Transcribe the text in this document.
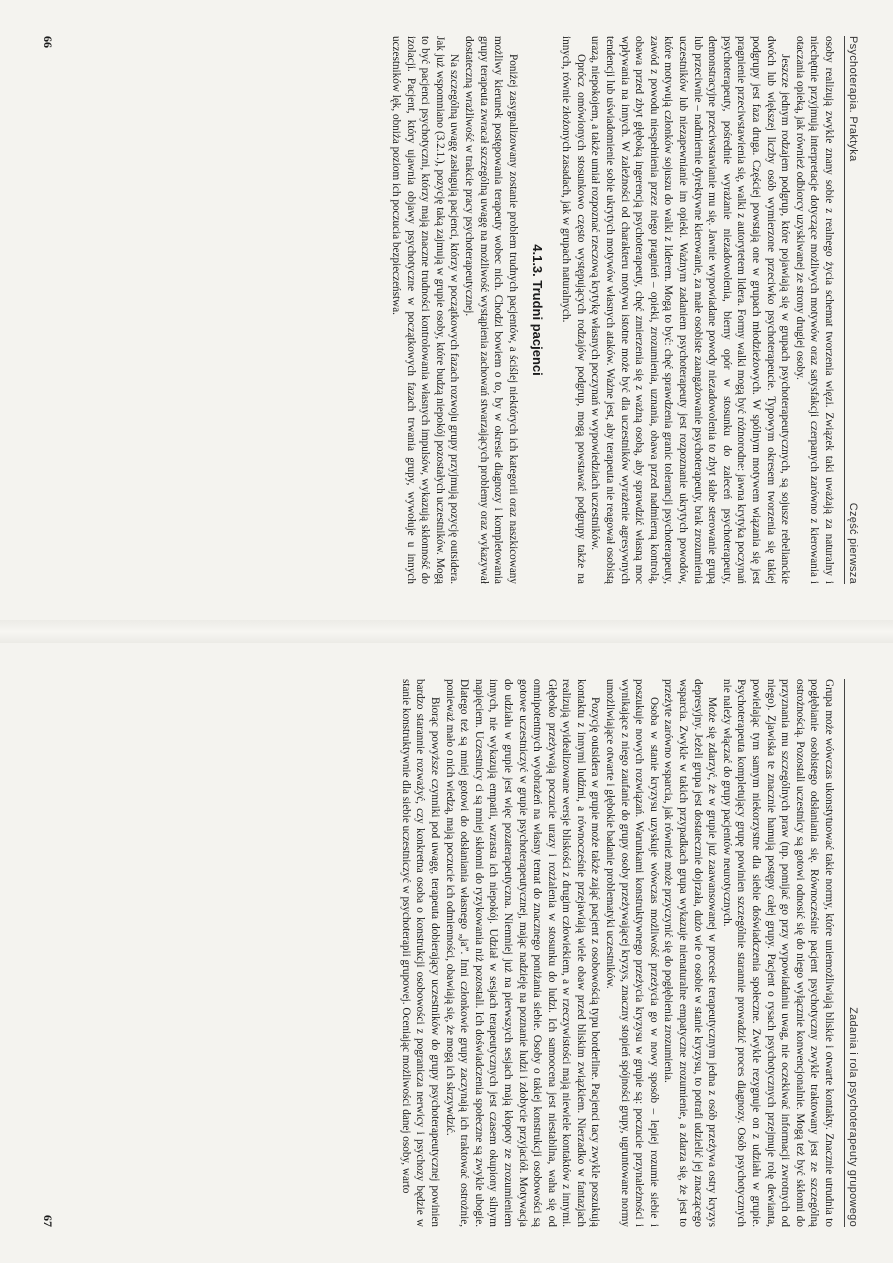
Psychoterapia. Praktyka
Część pierwsza

osoby realizują zwykle znany sobie z realnego życia schemat tworzenia więzi. Związek taki uważają za naturalny i niechętnie przyjmują interpretacje dotyczące możliwych motywów oraz satysfakcji czerpanych zarówno z kierowania i otaczania opieką, jak również odbiorcy uzyskiwanej ze strony drugiej osoby.

Jeszcze jednym rodzajem podgrup, które pojawiają się w grupach psychoterapeutycznych, są sojusze rebelianckie dwóch lub większej liczby osób wymierzone przeciwko psychoterapeucie. Typowym okresem tworzenia się takiej podgrupy jest faza druga. Częściej powstają one w grupach młodzieżowych. W spólnym motywem wiązania się jest pragnienie przeciwstawienia się, walki z autorytetem lidera. Formy walki mogą być różnorodne: jawna krytyka poczynań psychoterapeuty, pośrednie wyrażanie niezadowolenia, bierny opór w stosunku do zaleceń psychoterapeuty, demonstracyjne przeciwstawianie mu się. Jawnie wypowiadane powody niezadowolenia to zbyt słabe sterowanie grupą lub przeciwnie – nadmiernie dyrektywne kierowanie, za małe osobiste zaangażowanie psychoterapeuty, brak zrozumienia uczestników lub niezapewnianie im opieki. Ważnym zadaniem psychoterapeuty jest rozpoznanie ukrytych powodów, które motywują członków sojuszu do walki z liderem. Mogą to być: chęć sprawdzenia granic tolerancji psychoterapeuty, zawód z powodu niespełnienia przez niego pragnień – opieki, zrozumienia, uznania, obawa przed nadmierną kontrolą, obawa przed zbyt głęboką ingerencją psychoterapeuty, chęć zmierzenia się z ważną osobą, aby sprawdzić własną moc wpływania na innych. W zależności od charakteru motywu istotne może być dla uczestników wyrażenie agresywnych tendencji lub uświadomienie sobie ukrytych motywów własnych ataków. Ważne jest, aby terapeuta nie reagował osobistą urazą, niepokojem, a także umiał rozpoznać rzeczową krytykę własnych poczynań w wypowiedziach uczestników.

Oprócz omówionych stosunkowo często występujących rodzajów podgrup, mogą powstawać podgrupy także na innych, równie złożonych zasadach, jak w grupach naturalnych.

4.1.3. Trudni pacjenci

Poniżej zasygnalizowany zostanie problem trudnych pacjentów, a ściślej niektórych ich kategorii oraz naszkicowany możliwy kierunek postępowania terapeuty wobec nich. Chodzi bowiem o to, by w okresie diagnozy i kompletowania grupy terapeuta zwracał szczególną uwagę na możliwość wystąpienia zachowań stwarzających problemy oraz wykazywał dostateczną wrażliwość w trakcie pracy psychoterapeutycznej.

Na szczególną uwagę zasługują pacjenci, którzy w początkowych fazach rozwoju grupy przyjmują pozycję outsidera. Jak już wspomniano (3.2.1.), pozycję taką zajmują w grupie osoby, które budzą niepokój pozostałych uczestników. Mogą to być pacjenci psychotyczni, którzy mają znaczne trudności kontrolowania własnych impulsów, wykazują skłonność do izolacji. Pacjent, który ujawnia objawy psychotyczne w początkowych fazach trwania grupy, wywołuje u innych uczestników lęk, obniża poziom ich poczucia bezpieczeństwa.

66
Zadania i rola psychoterapeuty grupowego

Grupa może wówczas ukonstytuować takie normy, które uniemożliwiają bliskie i otwarte kontakty. Znacznie utrudnia to pogłębianie osobistego odsłaniania się. Równocześnie pacjent psychotyczny zwykle traktowany jest ze szczególną ostrożnością. Pozostali uczestnicy są gotowi odnosić się do niego wyłącznie konwencjonalnie. Mogą też być skłonni do przyznania mu szczególnych praw (np. pomijać go przy wypowiadaniu uwag, nie oczekiwać informacji zwrotnych od niego). Zjawiska te znacznie hamują postępy całej grupy. Pacjent o rysach psychotycznych przejmuje rolę dewianta, powielając tym samym niekorzystne dla siebie doświadczenia społeczne. Zwykle rezygnuje on z udziału w grupie. Psychoterapeuta kompletujący grupę powinien szczególnie starannie prowadzić proces diagnozy. Osób psychotycznych nie należy włączać do grupy pacjentów neurotycznych.

Może się zdarzyć, że w grupie już zaawansowanej w procesie terapeutycznym jedna z osób przeżywa ostry kryzys depresyjny. Jeżeli grupa jest dostatecznie dojrzała, dużo wie o osobie w stanie kryzysu, to potrafi udzielić jej znaczącego wsparcia. Zwykle w takich przypadkach grupa wykazuje nienaturalne empatyczne zrozumienie, a zdarza się, że jest to przeżyte zarówno wsparcia, jak również może przyczynić się do pogłębienia zrozumienia.

Osoba w stanie kryzysu uzyskuje wówczas możliwość przeżycia go w nowy sposób – lepiej rozumie siebie i poszukuje nowych rozwiązań. Warunkami konstruktywnego przeżycia kryzysu w grupie są: poczucie przynależności i wynikające z niego zaufanie do grupy osoby przeżywającej kryzys, znaczny stopień spójności grupy, ugruntowane normy umożliwiające otwarte i głębokie badanie problematyki uczestników.

Pozycję outsidera w grupie może także zająć pacjent z osobowością typu borderline. Pacjenci tacy zwykle poszukują kontaktu z innymi ludźmi, a równocześnie przejawiają wiele obaw przed bliskim związkiem. Nierzadko w fantazjach realizują wyidealizowane wersje bliskości z drugim człowiekiem, a w rzeczywistości mają niewiele kontaktów z innymi. Głęboko przeżywają poczucie urazy i rozżalenia w stosunku do ludzi. Ich samoocena jest niestabilna, waha się od omnipotentnych wyobrażeń na własny temat do znacznego poniżania siebie. Osoby o takiej konstrukcji osobowości są gotowe uczestniczyć w grupie psychoterapeutycznej, mając nadzieję na poznanie ludzi i zdobycie przyjaciół. Motywacja do udziału w grupie jest więc pozaterapeutyczna. Niemniej już na pierwszych sesjach mają kłopoty ze zrozumieniem innych, nie wykazują empatii, wzrasta ich niepokój. Udział w sesjach terapeutycznych jest czasem okupiony silnym napięciem. Uczestnicy ci są mniej skłonni do ryzykowania niż pozostali. Ich doświadczenia społeczne są zwykle ubogie. Dlatego też są mniej gotowi do odsłaniania własnego „ja”. Inni członkowie grupy zaczynają ich traktować ostrożnie, ponieważ mało o nich wiedzą, mają poczucie ich odmienności, obawiają się, że mogą ich skrzywdzić.

Biorąc powyższe czynniki pod uwagę, terapeuta dobierający uczestników do grupy psychoterapeutycznej powinien bardzo starannie rozważyć, czy konkretna osoba o konstrukcji osobowości z pogranicza nerwicy i psychozy będzie w stanie konstruktywnie dla siebie uczestniczyć w psychoterapii grupowej. Oceniając możliwości danej osoby, warto

67
